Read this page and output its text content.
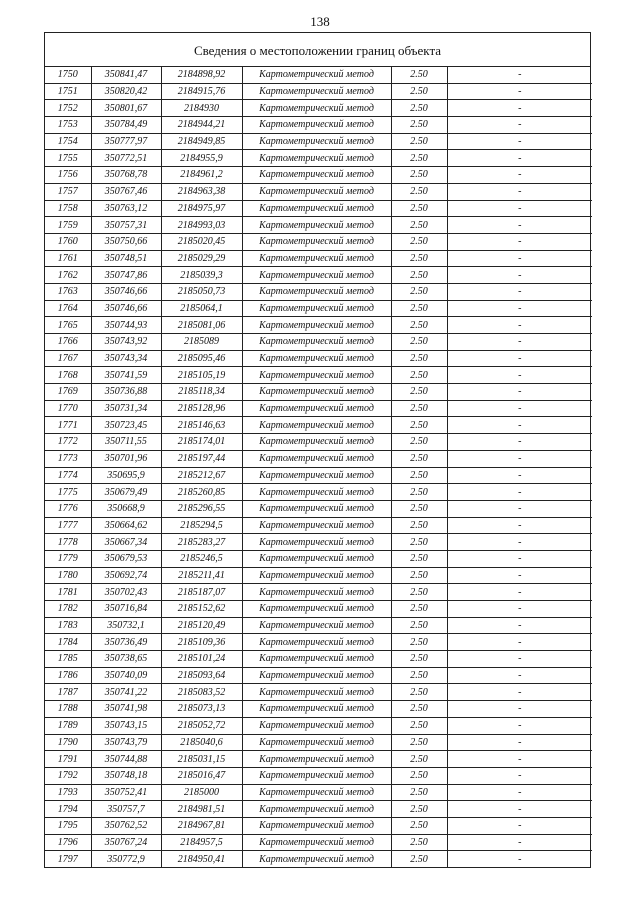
138
Сведения о местоположении границ объекта
1750	350841,47	2184898,92	Картометрический метод	2.50	-
1751	350820,42	2184915,76	Картометрический метод	2.50	-
1752	350801,67	2184930	Картометрический метод	2.50	-
1753	350784,49	2184944,21	Картометрический метод	2.50	-
1754	350777,97	2184949,85	Картометрический метод	2.50	-
1755	350772,51	2184955,9	Картометрический метод	2.50	-
1756	350768,78	2184961,2	Картометрический метод	2.50	-
1757	350767,46	2184963,38	Картометрический метод	2.50	-
1758	350763,12	2184975,97	Картометрический метод	2.50	-
1759	350757,31	2184993,03	Картометрический метод	2.50	-
1760	350750,66	2185020,45	Картометрический метод	2.50	-
1761	350748,51	2185029,29	Картометрический метод	2.50	-
1762	350747,86	2185039,3	Картометрический метод	2.50	-
1763	350746,66	2185050,73	Картометрический метод	2.50	-
1764	350746,66	2185064,1	Картометрический метод	2.50	-
1765	350744,93	2185081,06	Картометрический метод	2.50	-
1766	350743,92	2185089	Картометрический метод	2.50	-
1767	350743,34	2185095,46	Картометрический метод	2.50	-
1768	350741,59	2185105,19	Картометрический метод	2.50	-
1769	350736,88	2185118,34	Картометрический метод	2.50	-
1770	350731,34	2185128,96	Картометрический метод	2.50	-
1771	350723,45	2185146,63	Картометрический метод	2.50	-
1772	350711,55	2185174,01	Картометрический метод	2.50	-
1773	350701,96	2185197,44	Картометрический метод	2.50	-
1774	350695,9	2185212,67	Картометрический метод	2.50	-
1775	350679,49	2185260,85	Картометрический метод	2.50	-
1776	350668,9	2185296,55	Картометрический метод	2.50	-
1777	350664,62	2185294,5	Картометрический метод	2.50	-
1778	350667,34	2185283,27	Картометрический метод	2.50	-
1779	350679,53	2185246,5	Картометрический метод	2.50	-
1780	350692,74	2185211,41	Картометрический метод	2.50	-
1781	350702,43	2185187,07	Картометрический метод	2.50	-
1782	350716,84	2185152,62	Картометрический метод	2.50	-
1783	350732,1	2185120,49	Картометрический метод	2.50	-
1784	350736,49	2185109,36	Картометрический метод	2.50	-
1785	350738,65	2185101,24	Картометрический метод	2.50	-
1786	350740,09	2185093,64	Картометрический метод	2.50	-
1787	350741,22	2185083,52	Картометрический метод	2.50	-
1788	350741,98	2185073,13	Картометрический метод	2.50	-
1789	350743,15	2185052,72	Картометрический метод	2.50	-
1790	350743,79	2185040,6	Картометрический метод	2.50	-
1791	350744,88	2185031,15	Картометрический метод	2.50	-
1792	350748,18	2185016,47	Картометрический метод	2.50	-
1793	350752,41	2185000	Картометрический метод	2.50	-
1794	350757,7	2184981,51	Картометрический метод	2.50	-
1795	350762,52	2184967,81	Картометрический метод	2.50	-
1796	350767,24	2184957,5	Картометрический метод	2.50	-
1797	350772,9	2184950,41	Картометрический метод	2.50	-
